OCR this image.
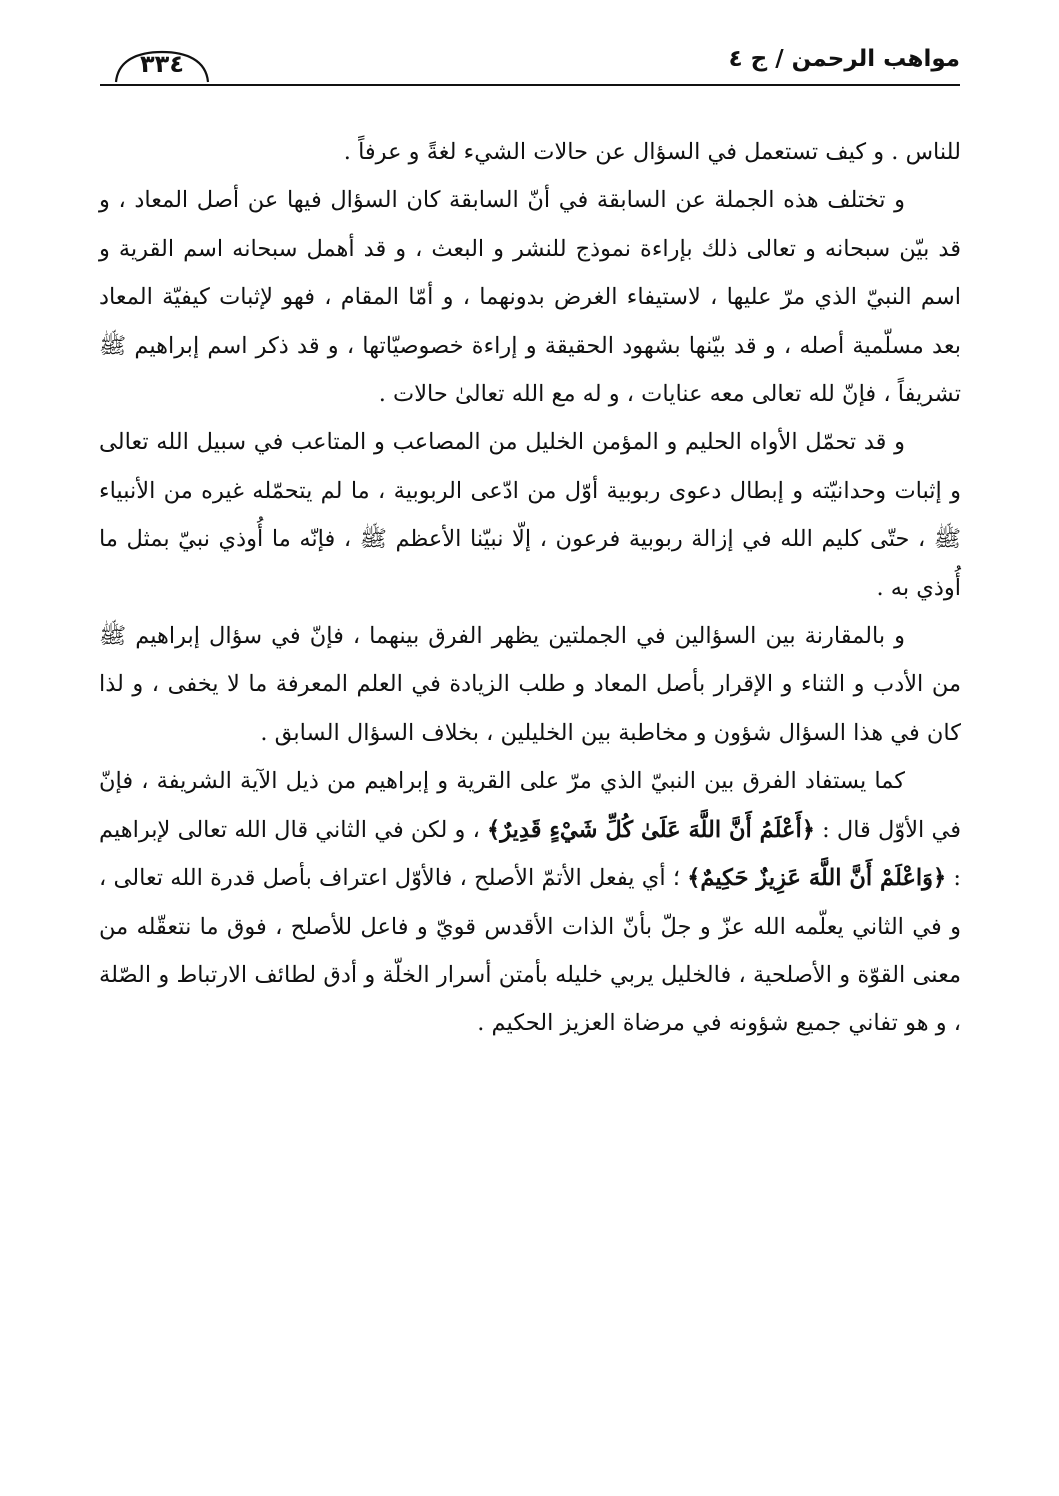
مواهب الرحمن / ج ٤
٣٣٤

للناس . و كيف تستعمل في السؤال عن حالات الشيء لغةً و عرفاً .

و تختلف هذه الجملة عن السابقة في أنّ السابقة كان السؤال فيها عن أصل المعاد ، و قد بيّن سبحانه و تعالى ذلك بإراءة نموذج للنشر و البعث ، و قد أهمل سبحانه اسم القرية و اسم النبيّ الذي مرّ عليها ، لاستيفاء الغرض بدونهما ، و أمّا المقام ، فهو لإثبات كيفيّة المعاد بعد مسلّمية أصله ، و قد بيّنها بشهود الحقيقة و إراءة خصوصيّاتها ، و قد ذكر اسم إبراهيم ﷺ تشريفاً ، فإنّ لله تعالى معه عنايات ، و له مع الله تعالىٰ حالات .

و قد تحمّل الأواه الحليم و المؤمن الخليل من المصاعب و المتاعب في سبيل الله تعالى و إثبات وحدانيّته و إبطال دعوى ربوبية أوّل من ادّعى الربوبية ، ما لم يتحمّله غيره من الأنبياء ﷺ ، حتّى كليم الله في إزالة ربوبية فرعون ، إلّا نبيّنا الأعظم ﷺ ، فإنّه ما أُوذي نبيّ بمثل ما أُوذي به .

و بالمقارنة بين السؤالين في الجملتين يظهر الفرق بينهما ، فإنّ في سؤال إبراهيم ﷺ من الأدب و الثناء و الإقرار بأصل المعاد و طلب الزيادة في العلم المعرفة ما لا يخفى ، و لذا كان في هذا السؤال شؤون و مخاطبة بين الخليلين ، بخلاف السؤال السابق .

كما يستفاد الفرق بين النبيّ الذي مرّ على القرية و إبراهيم من ذيل الآية الشريفة ، فإنّ في الأوّل قال : ﴿أَعْلَمُ أَنَّ اللَّهَ عَلَىٰ كُلِّ شَيْءٍ قَدِيرٌ﴾ ، و لكن في الثاني قال الله تعالى لإبراهيم : ﴿وَاعْلَمْ أَنَّ اللَّهَ عَزِيزٌ حَكِيمٌ﴾ ؛ أي يفعل الأتمّ الأصلح ، فالأوّل اعتراف بأصل قدرة الله تعالى ، و في الثاني يعلّمه الله عزّ و جلّ بأنّ الذات الأقدس قويّ و فاعل للأصلح ، فوق ما نتعقّله من معنى القوّة و الأصلحية ، فالخليل يربي خليله بأمتن أسرار الخلّة و أدق لطائف الارتباط و الصّلة ، و هو تفاني جميع شؤونه في مرضاة العزيز الحكيم .
